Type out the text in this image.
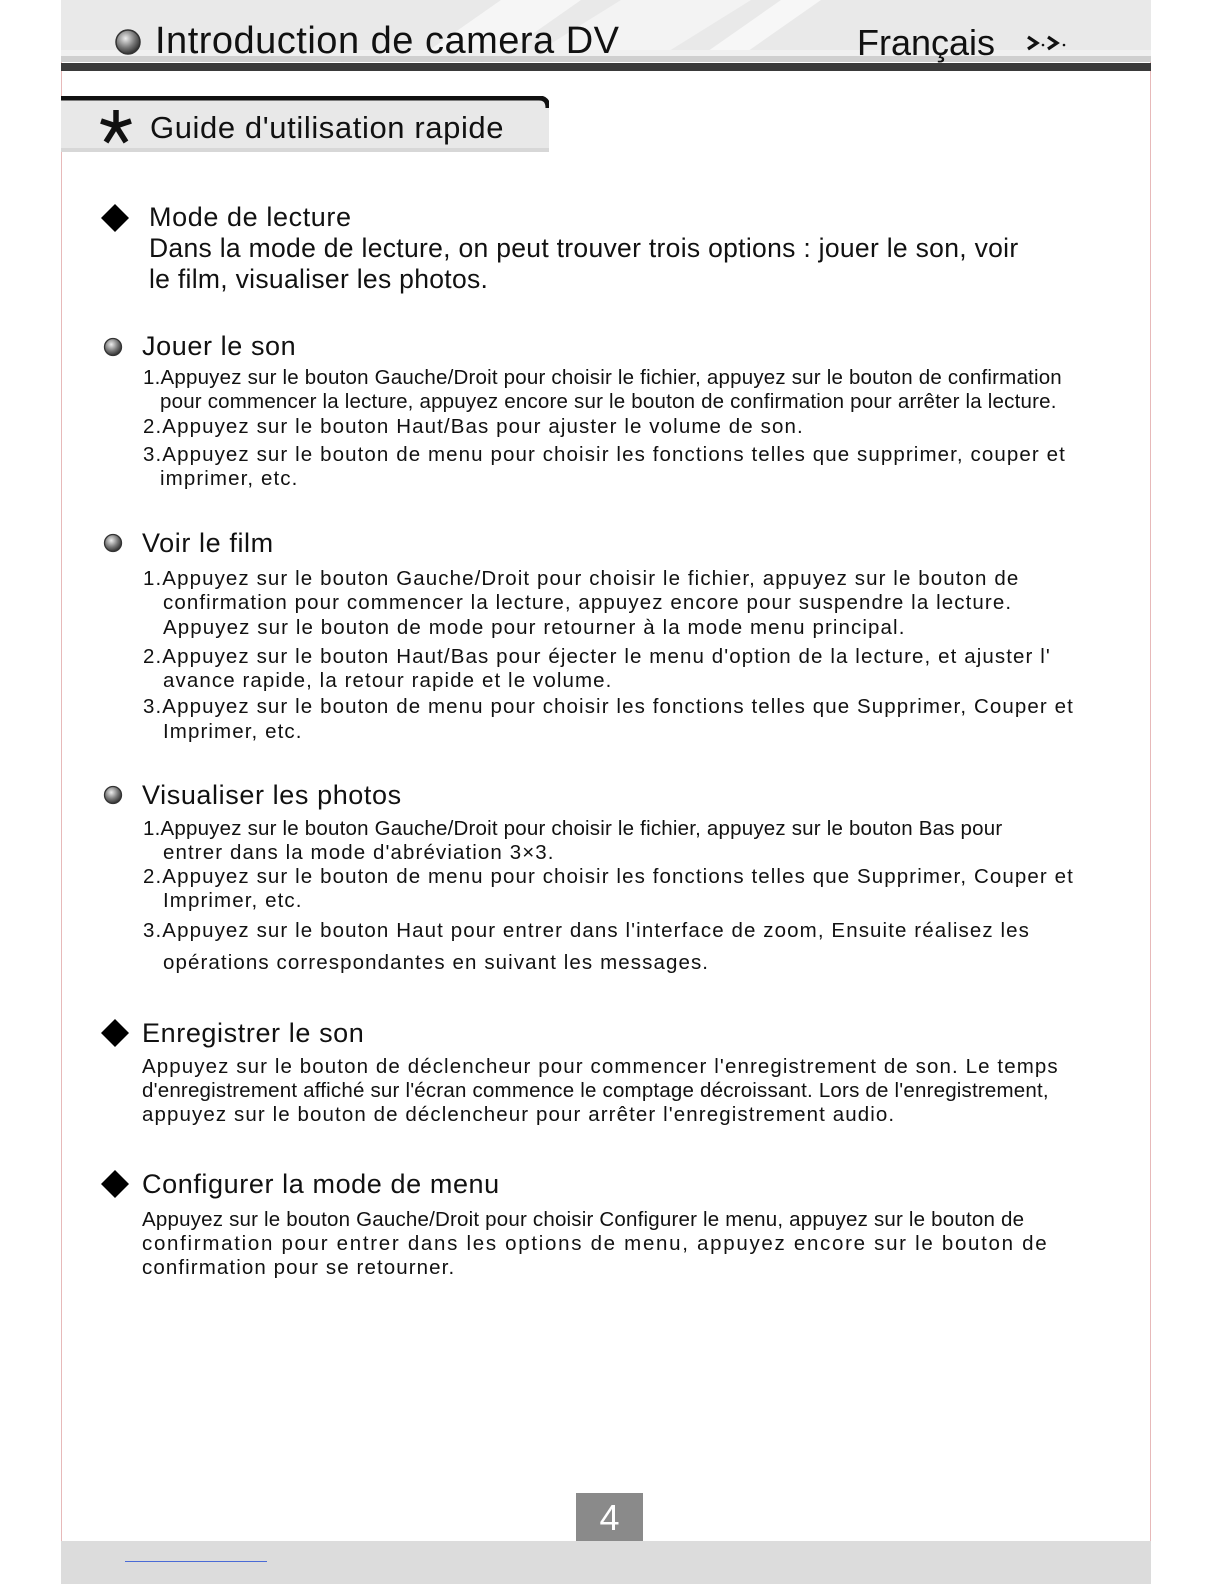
Introduction de camera DV	Français
Guide d'utilisation rapide
Mode de lecture
Dans la mode de lecture, on peut trouver trois options : jouer le son, voir
le film, visualiser les photos.
Jouer le son
1.Appuyez sur le bouton Gauche/Droit pour choisir le fichier, appuyez sur le bouton de confirmation
pour commencer la lecture, appuyez encore sur le bouton de confirmation pour arrêter la lecture.
2.Appuyez sur le bouton Haut/Bas pour ajuster le volume de son.
3.Appuyez sur le bouton de menu pour choisir les fonctions telles que supprimer, couper et
imprimer, etc.
Voir le film
1.Appuyez sur le bouton Gauche/Droit pour choisir le fichier, appuyez sur le bouton de
confirmation pour commencer la lecture, appuyez encore pour suspendre la lecture.
Appuyez sur le bouton de mode pour retourner à la mode menu principal.
2.Appuyez sur le bouton Haut/Bas pour éjecter le menu d'option de la lecture, et ajuster l'
avance rapide, la retour rapide et le volume.
3.Appuyez sur le bouton de menu pour choisir les fonctions telles que Supprimer, Couper et
Imprimer, etc.
Visualiser les photos
1.Appuyez sur le bouton Gauche/Droit pour choisir le fichier, appuyez sur le bouton Bas pour
entrer dans la mode d'abréviation 3×3.
2.Appuyez sur le bouton de menu pour choisir les fonctions telles que Supprimer, Couper et
Imprimer, etc.
3.Appuyez sur le bouton Haut pour entrer dans l'interface de zoom, Ensuite réalisez les
opérations correspondantes en suivant les messages.
Enregistrer le son
Appuyez sur le bouton de déclencheur pour commencer l'enregistrement de son. Le temps
d'enregistrement affiché sur l'écran commence le comptage décroissant. Lors de l'enregistrement,
appuyez sur le bouton de déclencheur pour arrêter l'enregistrement audio.
Configurer la mode de menu
Appuyez sur le bouton Gauche/Droit pour choisir Configurer le menu, appuyez sur le bouton de
confirmation pour entrer dans les options de menu, appuyez encore sur le bouton de
confirmation pour se retourner.
4
